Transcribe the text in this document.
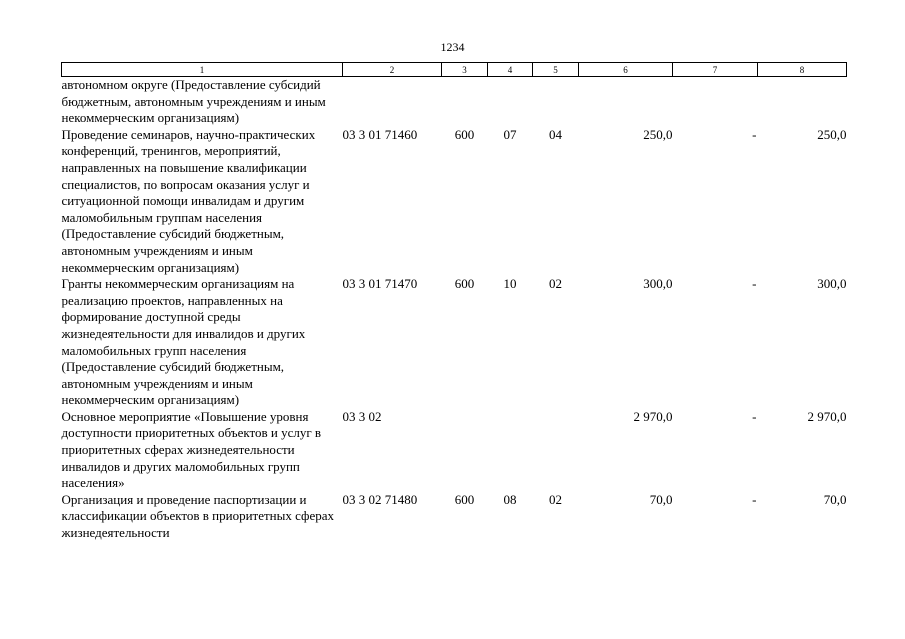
1234
1	2	3	4	5	6	7	8
автономном округе (Предоставление субсидий бюджетным, автономным учреждениям и иным некоммерческим организациям)							
Проведение семинаров, научно-практических конференций, тренингов, мероприятий, направленных на повышение квалификации специалистов, по вопросам оказания услуг и ситуационной помощи инвалидам и другим маломобильным группам населения (Предоставление субсидий бюджетным, автономным учреждениям и иным некоммерческим организациям)	03 3 01 71460	600	07	04	250,0	-	250,0
Гранты некоммерческим организациям на реализацию проектов, направленных на формирование доступной среды жизнедеятельности для инвалидов и других маломобильных групп населения (Предоставление субсидий бюджетным, автономным учреждениям и иным некоммерческим организациям)	03 3 01 71470	600	10	02	300,0	-	300,0
Основное мероприятие «Повышение уровня доступности приоритетных объектов и услуг в приоритетных сферах жизнедеятельности инвалидов и других маломобильных групп населения»	03 3 02				2 970,0	-	2 970,0
Организация и проведение паспортизации и классификации объектов в приоритетных сферах жизнедеятельности	03 3 02 71480	600	08	02	70,0	-	70,0
